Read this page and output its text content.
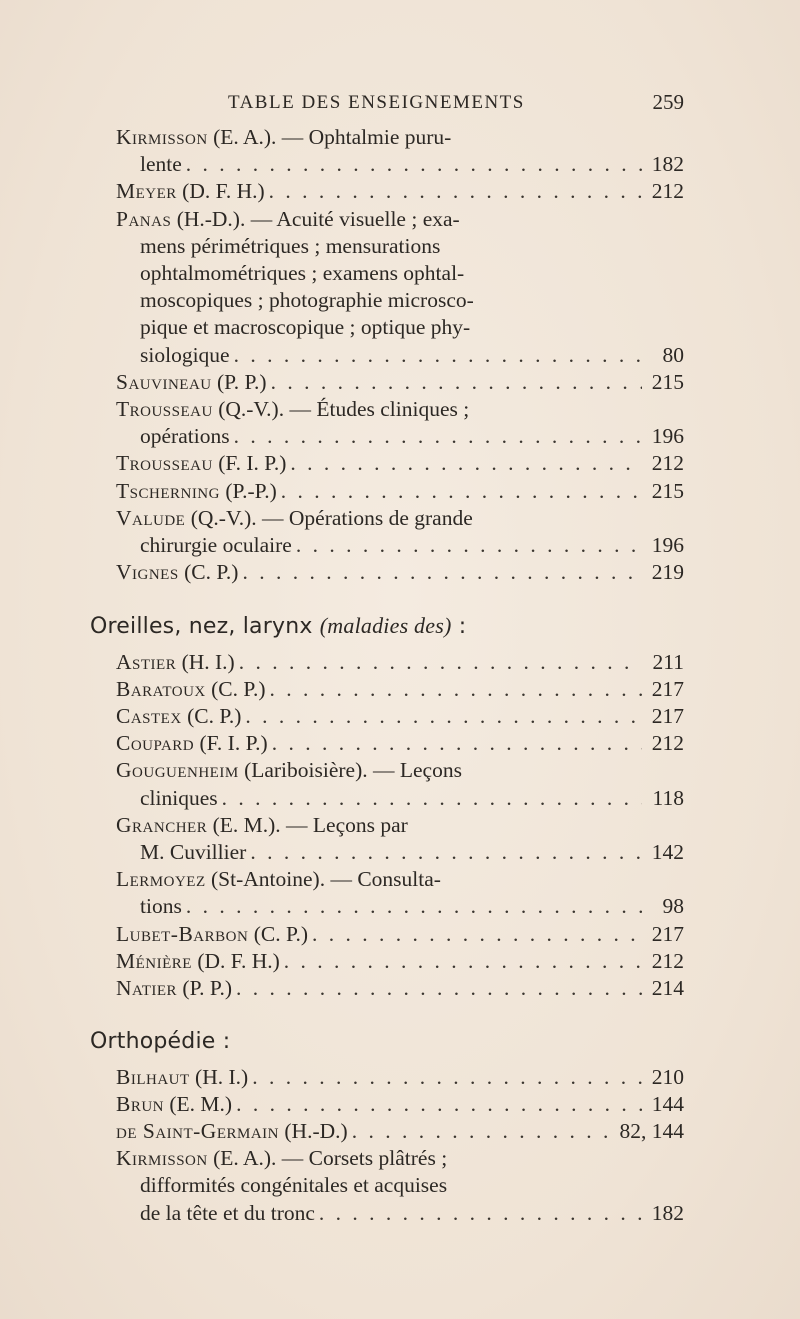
TABLE DES ENSEIGNEMENTS	259
Kirmisson (E. A.). — Ophtalmie puru-
lente . . .	182
Meyer (D. F. H.) . . .	212
Panas (H.-D.). — Acuité visuelle ; exa-
mens périmétriques ; mensurations
ophtalmométriques ; examens ophtal-
moscopiques ; photographie microsco-
pique et macroscopique ; optique phy-
siologique . . .	80
Sauvineau (P. P.) . . .	215
Trousseau (Q.-V.). — Études cliniques ;
opérations . . .	196
Trousseau (F. I. P.) . . .	212
Tscherning (P.-P.) . . .	215
Valude (Q.-V.). — Opérations de grande
chirurgie oculaire . . .	196
Vignes (C. P.) . . .	219
Oreilles, nez, larynx (maladies des) :
Astier (H. I.) . . .	211
Baratoux (C. P.) . . .	217
Castex (C. P.) . . .	217
Coupard (F. I. P.) . . .	212
Gouguenheim (Lariboisière). — Leçons
cliniques . . .	118
Grancher (E. M.). — Leçons par
M. Cuvillier . . .	142
Lermoyez (St-Antoine). — Consulta-
tions . . .	98
Lubet-Barbon (C. P.) . . .	217
Ménière (D. F. H.) . . .	212
Natier (P. P.) . . .	214
Orthopédie :
Bilhaut (H. I.) . . .	210
Brun (E. M.) . . .	144
de Saint-Germain (H.-D.) . . .	82, 144
Kirmisson (E. A.). — Corsets plâtrés ;
difformités congénitales et acquises
de la tête et du tronc . . .	182
